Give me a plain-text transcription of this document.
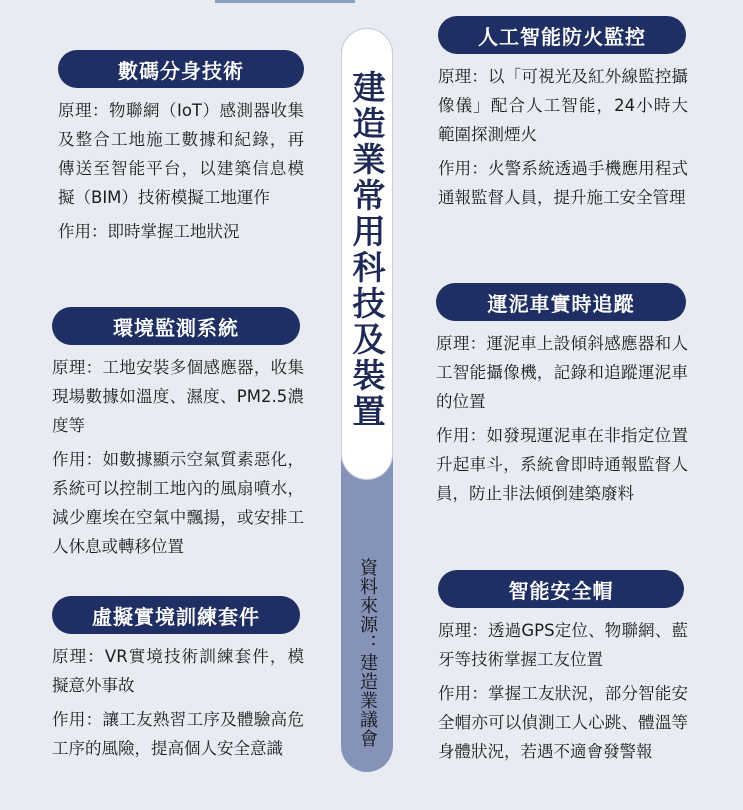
建造業常用科技及裝置
資料來源：建造業議會
數碼分身技術

原理：物聯網（IoT）感測器收集及整合工地施工數據和紀錄，再傳送至智能平台，以建築信息模擬（BIM）技術模擬工地運作

作用：即時掌握工地狀況

環境監測系統

原理：工地安裝多個感應器，收集現場數據如溫度、濕度、PM2.5濃度等

作用：如數據顯示空氣質素惡化，系統可以控制工地內的風扇噴水，減少塵埃在空氣中飄揚，或安排工人休息或轉移位置

虛擬實境訓練套件

原理：VR實境技術訓練套件，模擬意外事故

作用：讓工友熟習工序及體驗高危工序的風險，提高個人安全意識

人工智能防火監控

原理：以「可視光及紅外線監控攝像儀」配合人工智能，24小時大範圍探測煙火

作用：火警系統透過手機應用程式通報監督人員，提升施工安全管理

運泥車實時追蹤

原理：運泥車上設傾斜感應器和人工智能攝像機，記錄和追蹤運泥車的位置

作用：如發現運泥車在非指定位置升起車斗，系統會即時通報監督人員，防止非法傾倒建築廢料

智能安全帽

原理：透過GPS定位、物聯網、藍牙等技術掌握工友位置

作用：掌握工友狀況，部分智能安全帽亦可以偵測工人心跳、體溫等身體狀況，若遇不適會發警報
